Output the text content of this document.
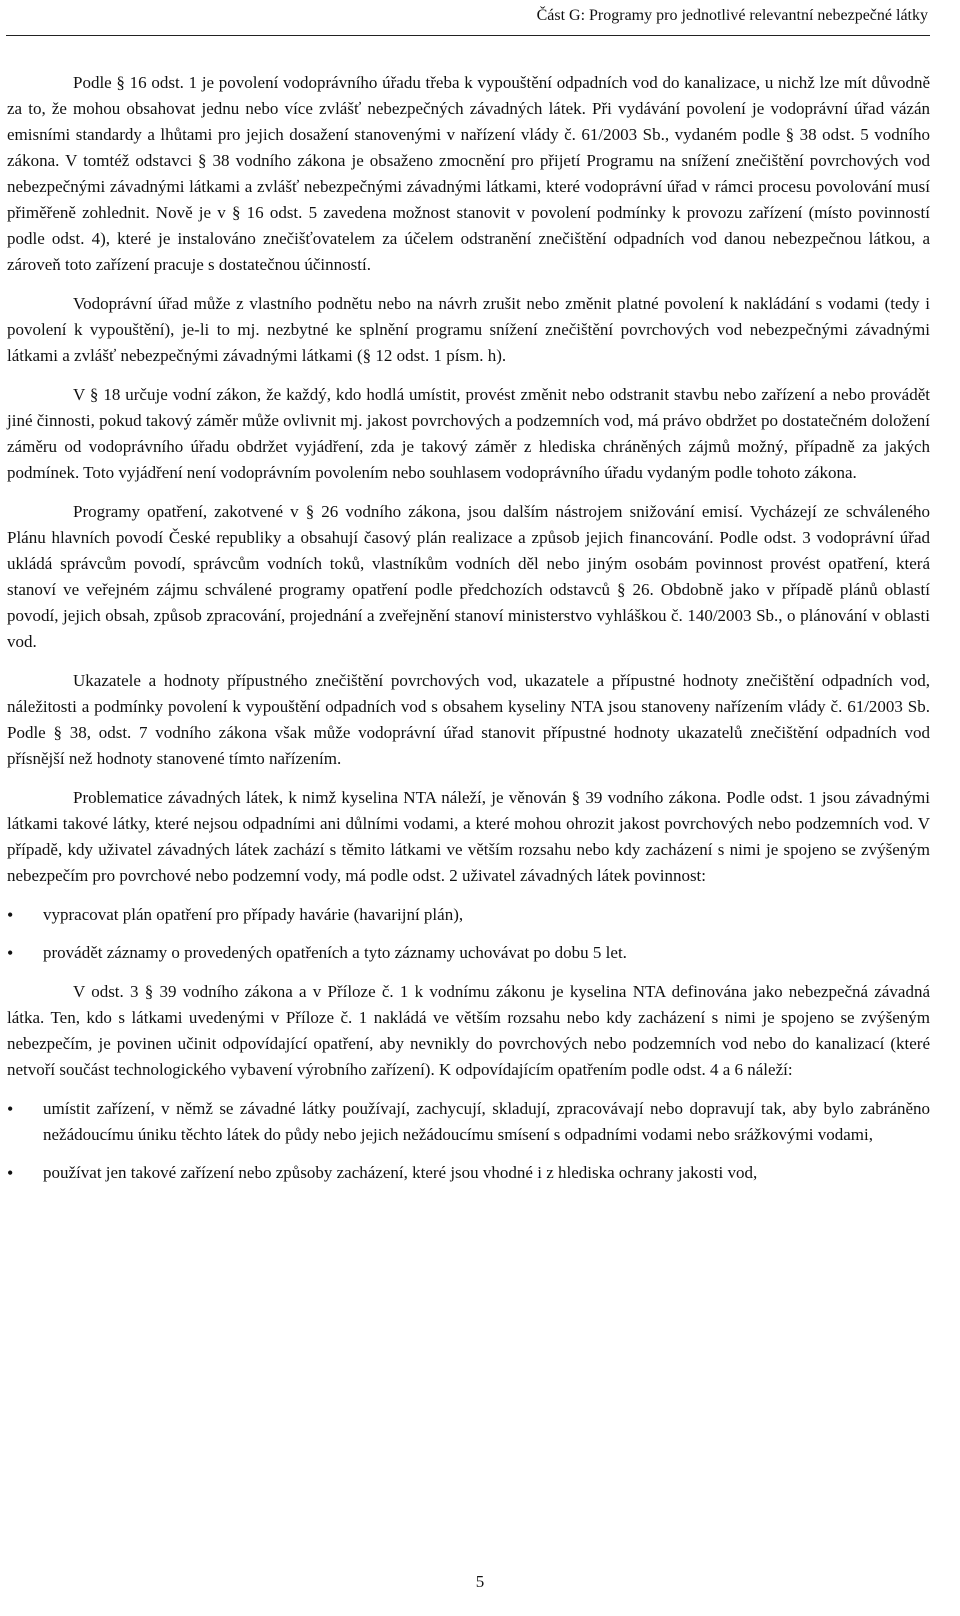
Část G: Programy pro jednotlivé relevantní nebezpečné látky

Podle § 16 odst. 1 je povolení vodoprávního úřadu třeba k vypouštění odpadních vod do kanalizace, u nichž lze mít důvodně za to, že mohou obsahovat jednu nebo více zvlášť nebezpečných závadných látek. Při vydávání povolení je vodoprávní úřad vázán emisními standardy a lhůtami pro jejich dosažení stanovenými v nařízení vlády č. 61/2003 Sb., vydaném podle § 38 odst. 5 vodního zákona. V tomtéž odstavci § 38 vodního zákona je obsaženo zmocnění pro přijetí Programu na snížení znečištění povrchových vod nebezpečnými závadnými látkami a zvlášť nebezpečnými závadnými látkami, které vodoprávní úřad v rámci procesu povolování musí přiměřeně zohlednit. Nově je v § 16 odst. 5 zavedena možnost stanovit v povolení podmínky k provozu zařízení (místo povinností podle odst. 4), které je instalováno znečišťovatelem za účelem odstranění znečištění odpadních vod danou nebezpečnou látkou, a zároveň toto zařízení pracuje s dostatečnou účinností.

Vodoprávní úřad může z vlastního podnětu nebo na návrh zrušit nebo změnit platné povolení k nakládání s vodami (tedy i povolení k vypouštění), je-li to mj. nezbytné ke splnění programu snížení znečištění povrchových vod nebezpečnými závadnými látkami a zvlášť nebezpečnými závadnými látkami (§ 12 odst. 1 písm. h).

V § 18 určuje vodní zákon, že každý, kdo hodlá umístit, provést změnit nebo odstranit stavbu nebo zařízení a nebo provádět jiné činnosti, pokud takový záměr může ovlivnit mj. jakost povrchových a podzemních vod, má právo obdržet po dostatečném doložení záměru od vodoprávního úřadu obdržet vyjádření, zda je takový záměr z hlediska chráněných zájmů možný, případně za jakých podmínek. Toto vyjádření není vodoprávním povolením nebo souhlasem vodoprávního úřadu vydaným podle tohoto zákona.

Programy opatření, zakotvené v § 26 vodního zákona, jsou dalším nástrojem snižování emisí. Vycházejí ze schváleného Plánu hlavních povodí České republiky a obsahují časový plán realizace a způsob jejich financování. Podle odst. 3 vodoprávní úřad ukládá správcům povodí, správcům vodních toků, vlastníkům vodních děl nebo jiným osobám povinnost provést opatření, která stanoví ve veřejném zájmu schválené programy opatření podle předchozích odstavců § 26. Obdobně jako v případě plánů oblastí povodí, jejich obsah, způsob zpracování, projednání a zveřejnění stanoví ministerstvo vyhláškou č. 140/2003 Sb., o plánování v oblasti vod.

Ukazatele a hodnoty přípustného znečištění povrchových vod, ukazatele a přípustné hodnoty znečištění odpadních vod, náležitosti a podmínky povolení k vypouštění odpadních vod s obsahem kyseliny NTA jsou stanoveny nařízením vlády č. 61/2003 Sb. Podle § 38, odst. 7 vodního zákona však může vodoprávní úřad stanovit přípustné hodnoty ukazatelů znečištění odpadních vod přísnější než hodnoty stanovené tímto nařízením.

Problematice závadných látek, k nimž kyselina NTA náleží, je věnován § 39 vodního zákona. Podle odst. 1 jsou závadnými látkami takové látky, které nejsou odpadními ani důlními vodami, a které mohou ohrozit jakost povrchových nebo podzemních vod. V případě, kdy uživatel závadných látek zachází s těmito látkami ve větším rozsahu nebo kdy zacházení s nimi je spojeno se zvýšeným nebezpečím pro povrchové nebo podzemní vody, má podle odst. 2 uživatel závadných látek povinnost:

• vypracovat plán opatření pro případy havárie (havarijní plán),
• provádět záznamy o provedených opatřeních a tyto záznamy uchovávat po dobu 5 let.

V odst. 3 § 39 vodního zákona a v Příloze č. 1 k vodnímu zákonu je kyselina NTA definována jako nebezpečná závadná látka. Ten, kdo s látkami uvedenými v Příloze č. 1 nakládá ve větším rozsahu nebo kdy zacházení s nimi je spojeno se zvýšeným nebezpečím, je povinen učinit odpovídající opatření, aby nevnikly do povrchových nebo podzemních vod nebo do kanalizací (které netvoří součást technologického vybavení výrobního zařízení). K odpovídajícím opatřením podle odst. 4 a 6 náleží:

• umístit zařízení, v němž se závadné látky používají, zachycují, skladují, zpracovávají nebo dopravují tak, aby bylo zabráněno nežádoucímu úniku těchto látek do půdy nebo jejich nežádoucímu smísení s odpadními vodami nebo srážkovými vodami,
• používat jen takové zařízení nebo způsoby zacházení, které jsou vhodné i z hlediska ochrany jakosti vod,
5
